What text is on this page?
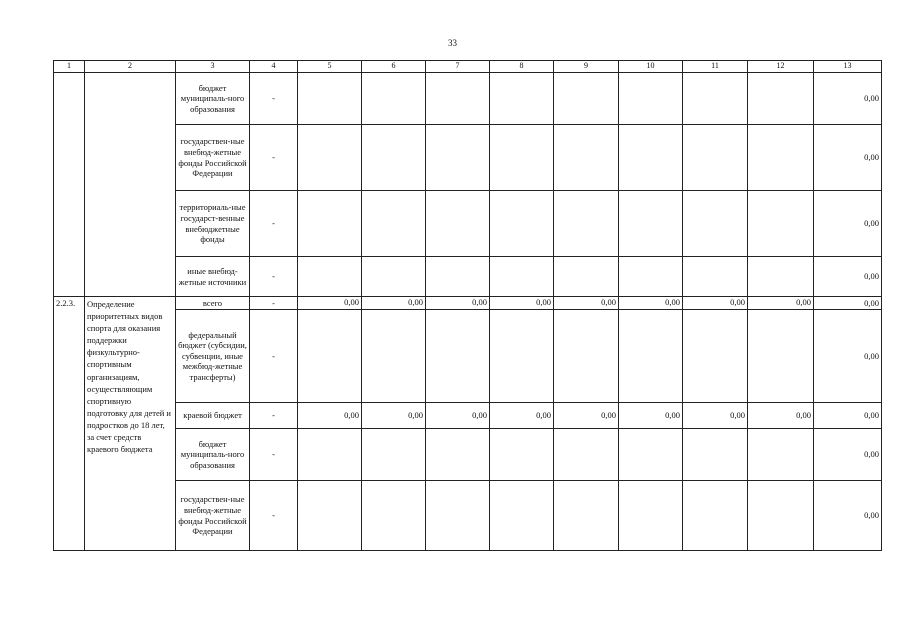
33
1	2	3	4	5	6	7	8	9	10	11	12	13
		бюджет муниципаль-ного образования	-									0,00
		государствен-ные внебюд-жетные фонды Российской Федерации	-									0,00
		территориаль-ные государст-венные внебюджетные фонды	-									0,00
		иные внебюд-жетные источники	-									0,00
2.2.3.	Определение приоритетных видов спорта для оказания поддержки физкультурно-спортивным организациям, осуществляющим спортивную подготовку для детей и подростков до 18 лет, за счет средств краевого бюджета	всего	-	0,00	0,00	0,00	0,00	0,00	0,00	0,00	0,00	0,00
		федеральный бюджет (субсидии, субвенции, иные межбюд-жетные трансферты)	-									0,00
		краевой бюджет	-	0,00	0,00	0,00	0,00	0,00	0,00	0,00	0,00	0,00
		бюджет муниципаль-ного образования	-									0,00
		государствен-ные внебюд-жетные фонды Российской Федерации	-									0,00
